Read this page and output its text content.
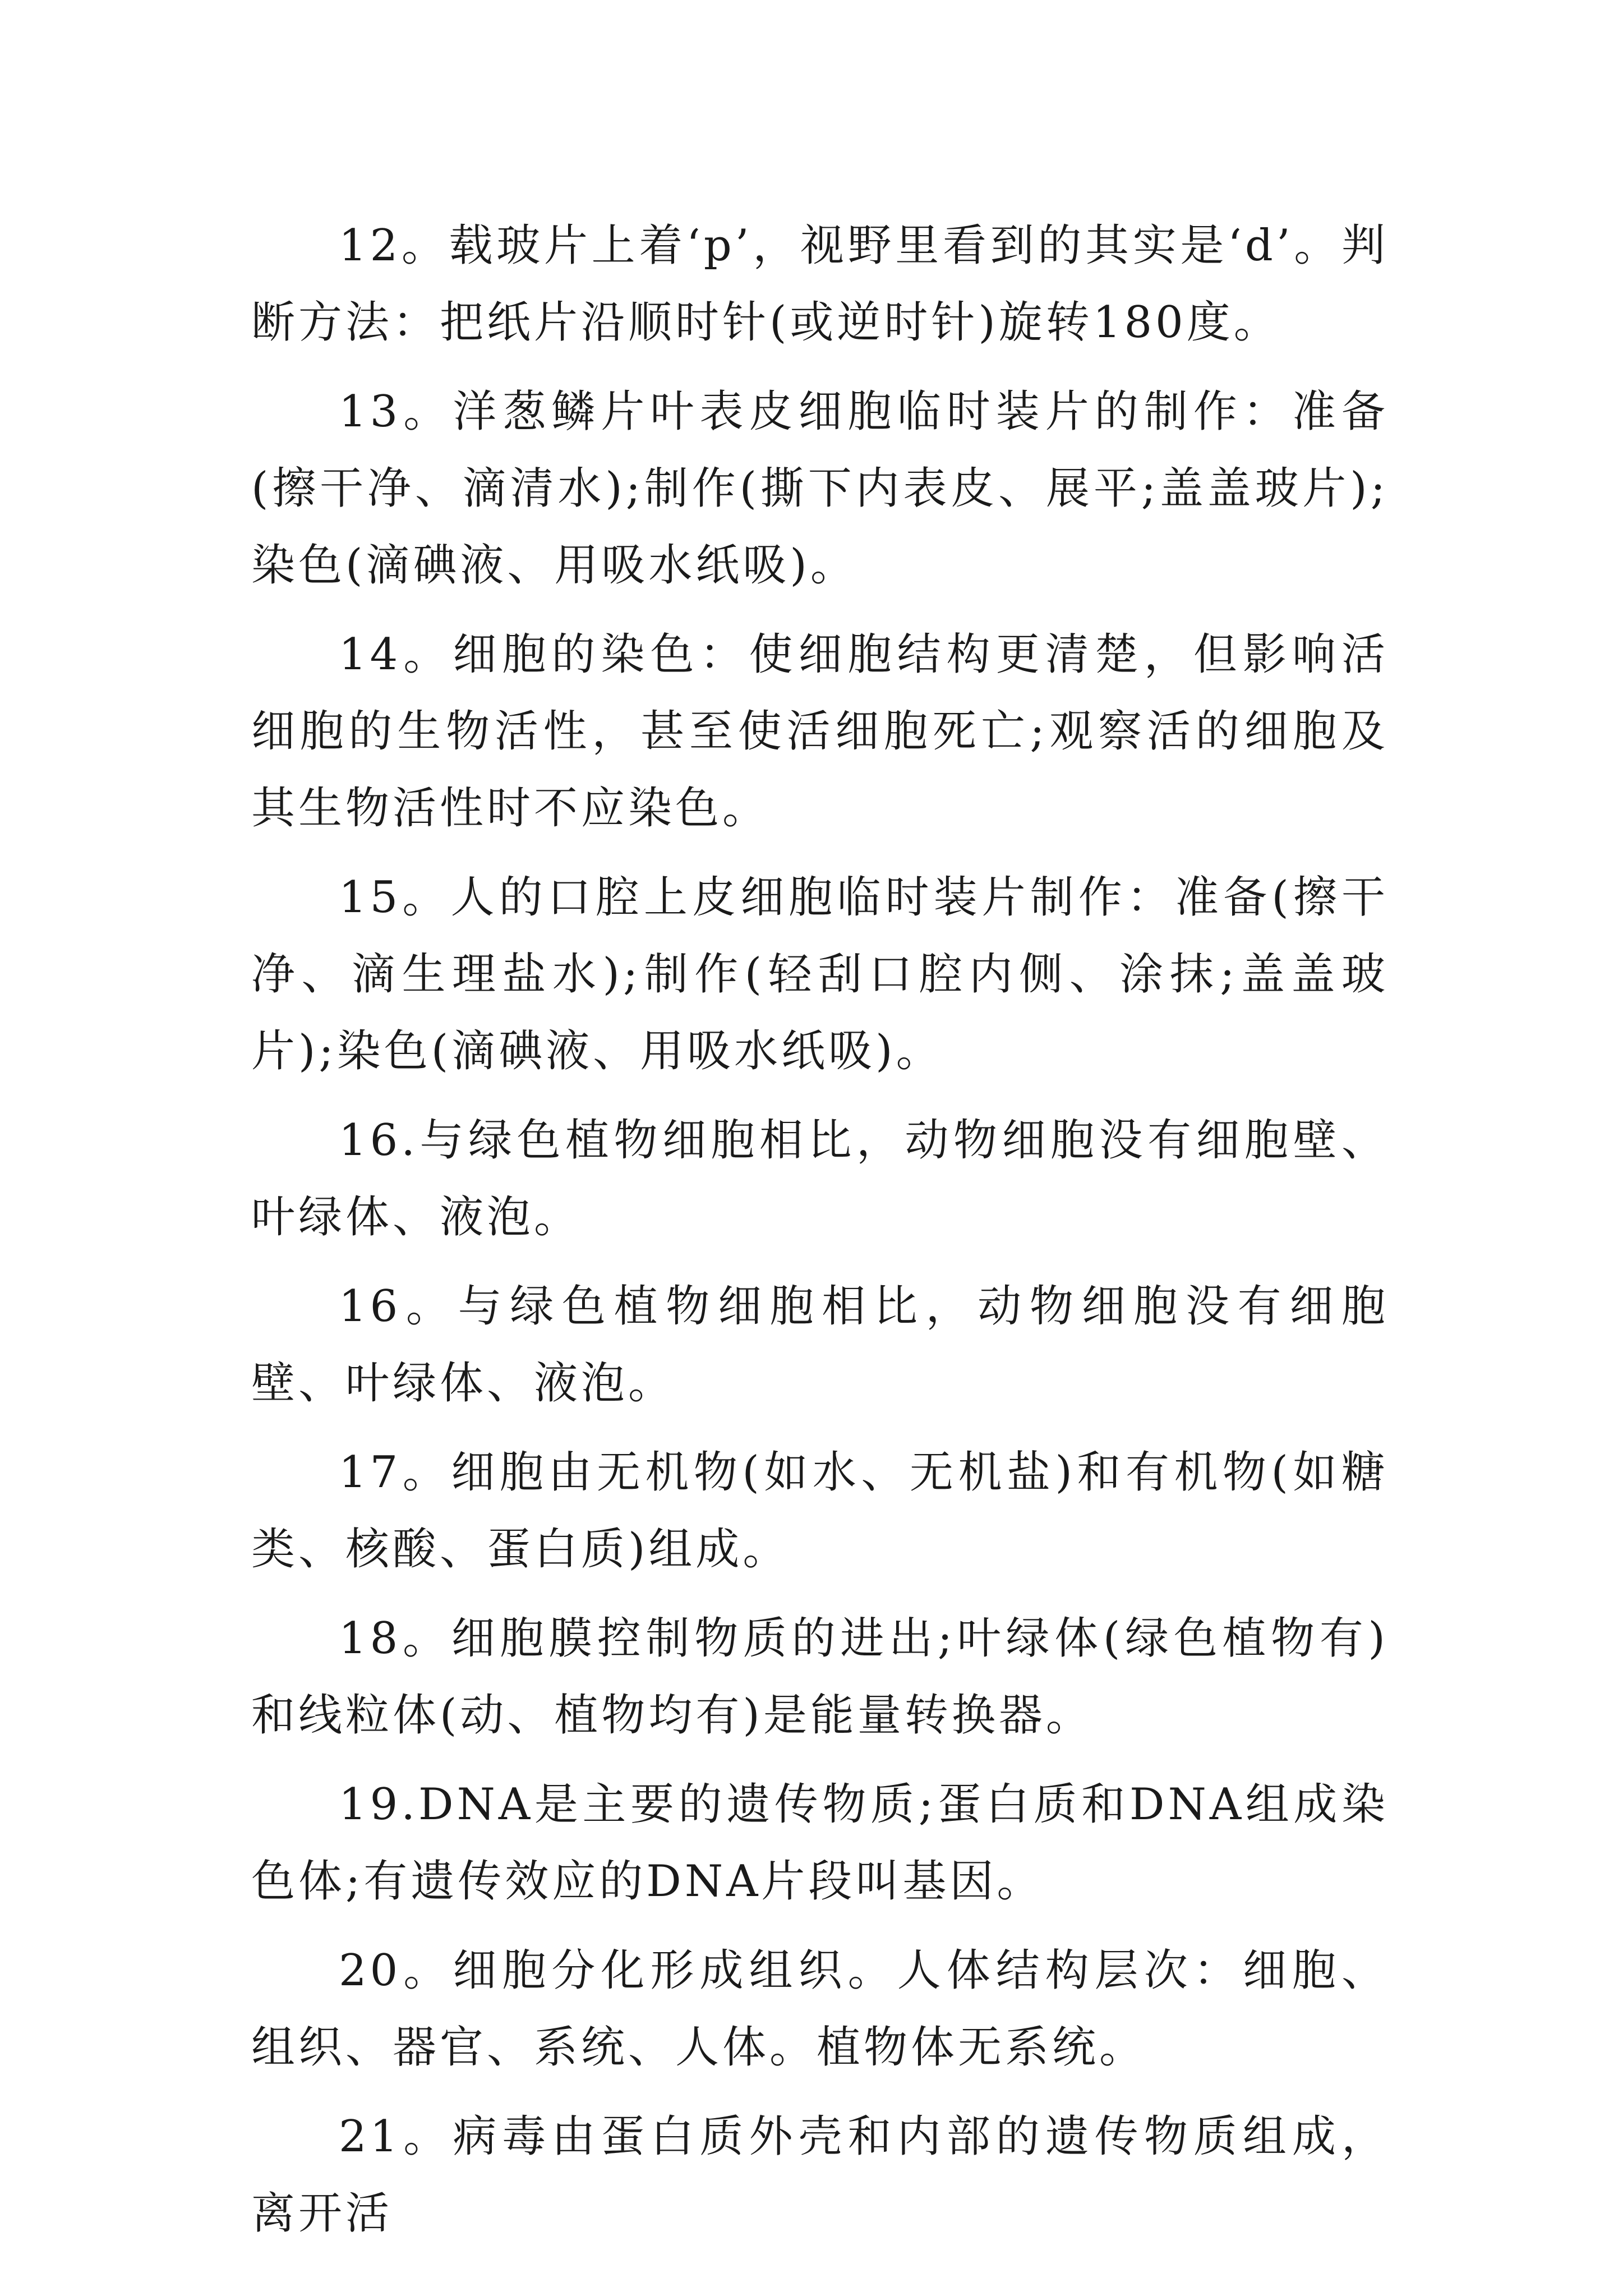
12。载玻片上着‘p’，视野里看到的其实是‘d’。判断方法：把纸片沿顺时针(或逆时针)旋转180度。

13。洋葱鳞片叶表皮细胞临时装片的制作：准备(擦干净、滴清水);制作(撕下内表皮、展平;盖盖玻片);染色(滴碘液、用吸水纸吸)。

14。细胞的染色：使细胞结构更清楚，但影响活细胞的生物活性，甚至使活细胞死亡;观察活的细胞及其生物活性时不应染色。

15。人的口腔上皮细胞临时装片制作：准备(擦干净、滴生理盐水);制作(轻刮口腔内侧、涂抹;盖盖玻片);染色(滴碘液、用吸水纸吸)。

16.与绿色植物细胞相比，动物细胞没有细胞壁、叶绿体、液泡。

16。与绿色植物细胞相比，动物细胞没有细胞壁、叶绿体、液泡。

17。细胞由无机物(如水、无机盐)和有机物(如糖类、核酸、蛋白质)组成。

18。细胞膜控制物质的进出;叶绿体(绿色植物有)和线粒体(动、植物均有)是能量转换器。

19.DNA是主要的遗传物质;蛋白质和DNA组成染色体;有遗传效应的DNA片段叫基因。

20。细胞分化形成组织。人体结构层次：细胞、组织、器官、系统、人体。植物体无系统。

21。病毒由蛋白质外壳和内部的遗传物质组成，离开活
